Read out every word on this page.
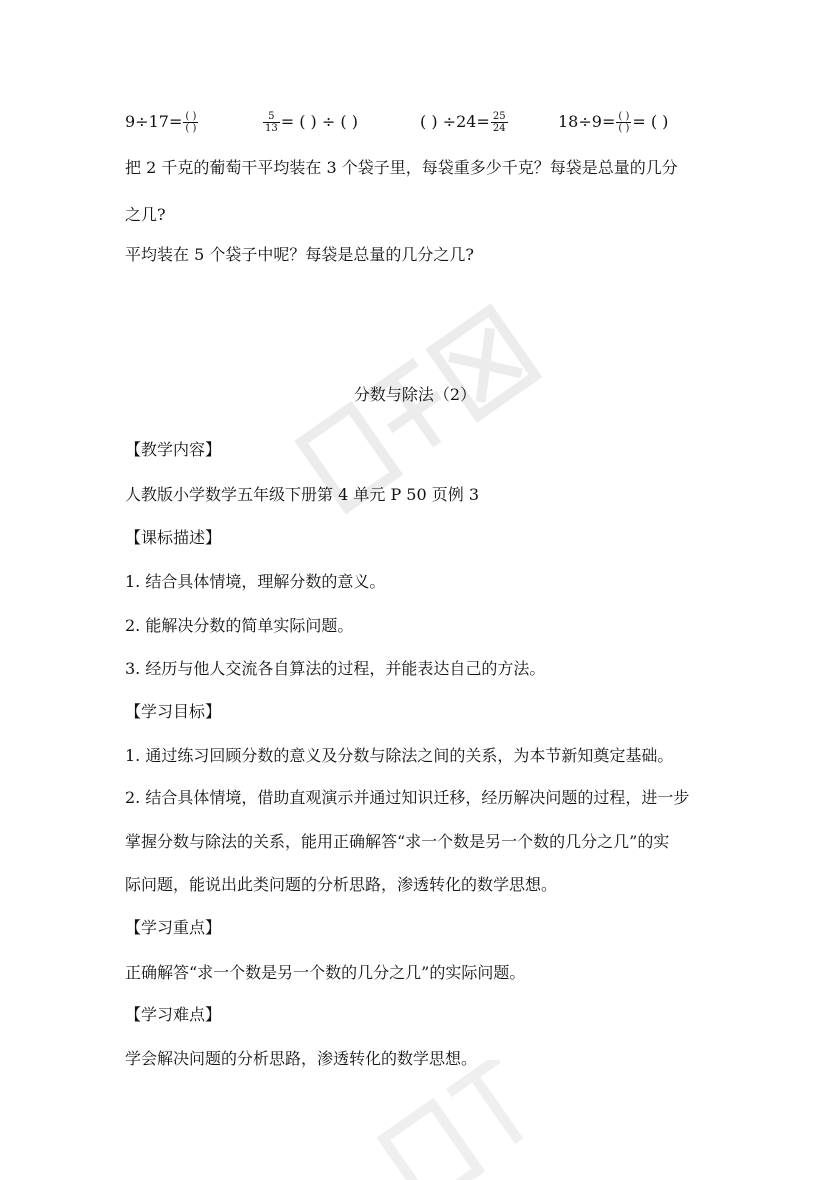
$9\div 17= \frac{( )}{( )}$	$\frac{5}{13}$ = ( ) ÷ ( )	( ) $\div 24= \frac{25}{24}$	$18\div 9= \frac{( )}{( )}$ = ( )
把 2 千克的葡萄干平均装在 3 个袋子里，每袋重多少千克？每袋是总量的几分
之几?
平均装在 5 个袋子中呢？每袋是总量的几分之几?
分数与除法（2）
【教学内容】
人教版小学数学五年级下册第 4 单元 P 50 页例 3
【课标描述】
1. 结合具体情境，理解分数的意义。
2. 能解决分数的简单实际问题。
3. 经历与他人交流各自算法的过程，并能表达自己的方法。
【学习目标】
1. 通过练习回顾分数的意义及分数与除法之间的关系，为本节新知奠定基础。
2. 结合具体情境，借助直观演示并通过知识迁移，经历解决问题的过程，进一步
掌握分数与除法的关系，能用正确解答“求一个数是另一个数的几分之几”的实
际问题，能说出此类问题的分析思路，渗透转化的数学思想。
【学习重点】
正确解答“求一个数是另一个数的几分之几”的实际问题。
【学习难点】
学会解决问题的分析思路，渗透转化的数学思想。
